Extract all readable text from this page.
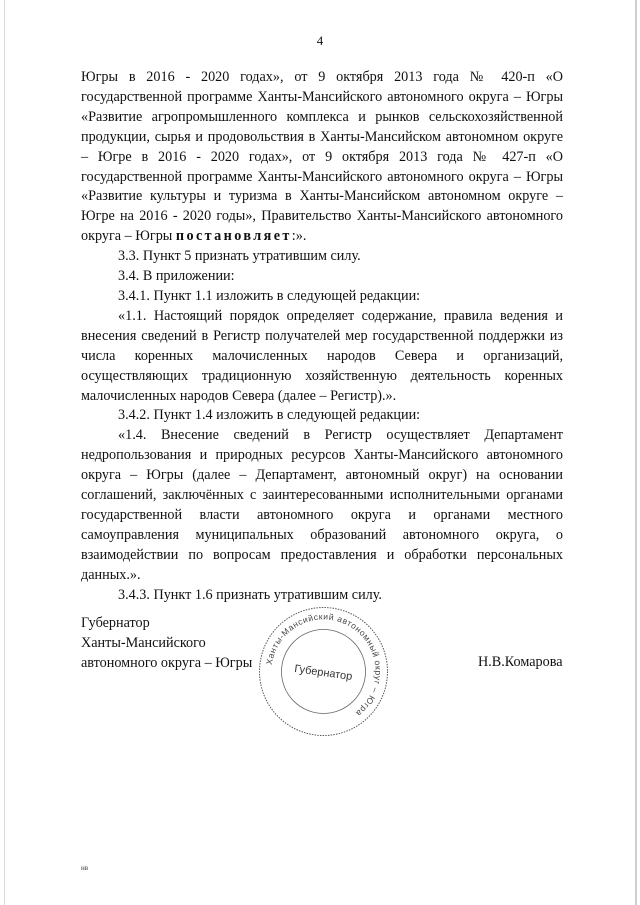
4

Югры в 2016 - 2020 годах», от 9 октября 2013 года № 420-п «О государственной программе Ханты-Мансийского автономного округа – Югры «Развитие агропромышленного комплекса и рынков сельскохозяйственной продукции, сырья и продовольствия в Ханты-Мансийском автономном округе – Югре в 2016 - 2020 годах», от 9 октября 2013 года № 427-п «О государственной программе Ханты-Мансийского автономного округа – Югры «Развитие культуры и туризма в Ханты-Мансийском автономном округе – Югре на 2016 - 2020 годы», Правительство Ханты-Мансийского автономного округа – Югры постановляет:».

3.3. Пункт 5 признать утратившим силу.

3.4. В приложении:

3.4.1. Пункт 1.1 изложить в следующей редакции:

«1.1. Настоящий порядок определяет содержание, правила ведения и внесения сведений в Регистр получателей мер государственной поддержки из числа коренных малочисленных народов Севера и организаций, осуществляющих традиционную хозяйственную деятельность коренных малочисленных народов Севера (далее – Регистр).».

3.4.2. Пункт 1.4 изложить в следующей редакции:

«1.4. Внесение сведений в Регистр осуществляет Департамент недропользования и природных ресурсов Ханты-Мансийского автономного округа – Югры (далее – Департамент, автономный округ) на основании соглашений, заключённых с заинтересованными исполнительными органами государственной власти автономного округа и органами местного самоуправления муниципальных образований автономного округа, о взаимодействии по вопросам предоставления и обработки персональных данных.».

3.4.3. Пункт 1.6 признать утратившим силу.

Губернатор
Ханты-Мансийского
автономного округа – Югры	Н.В.Комарова
Ханты-Мансийский автономный округ – Югра
Губернатор
нв
